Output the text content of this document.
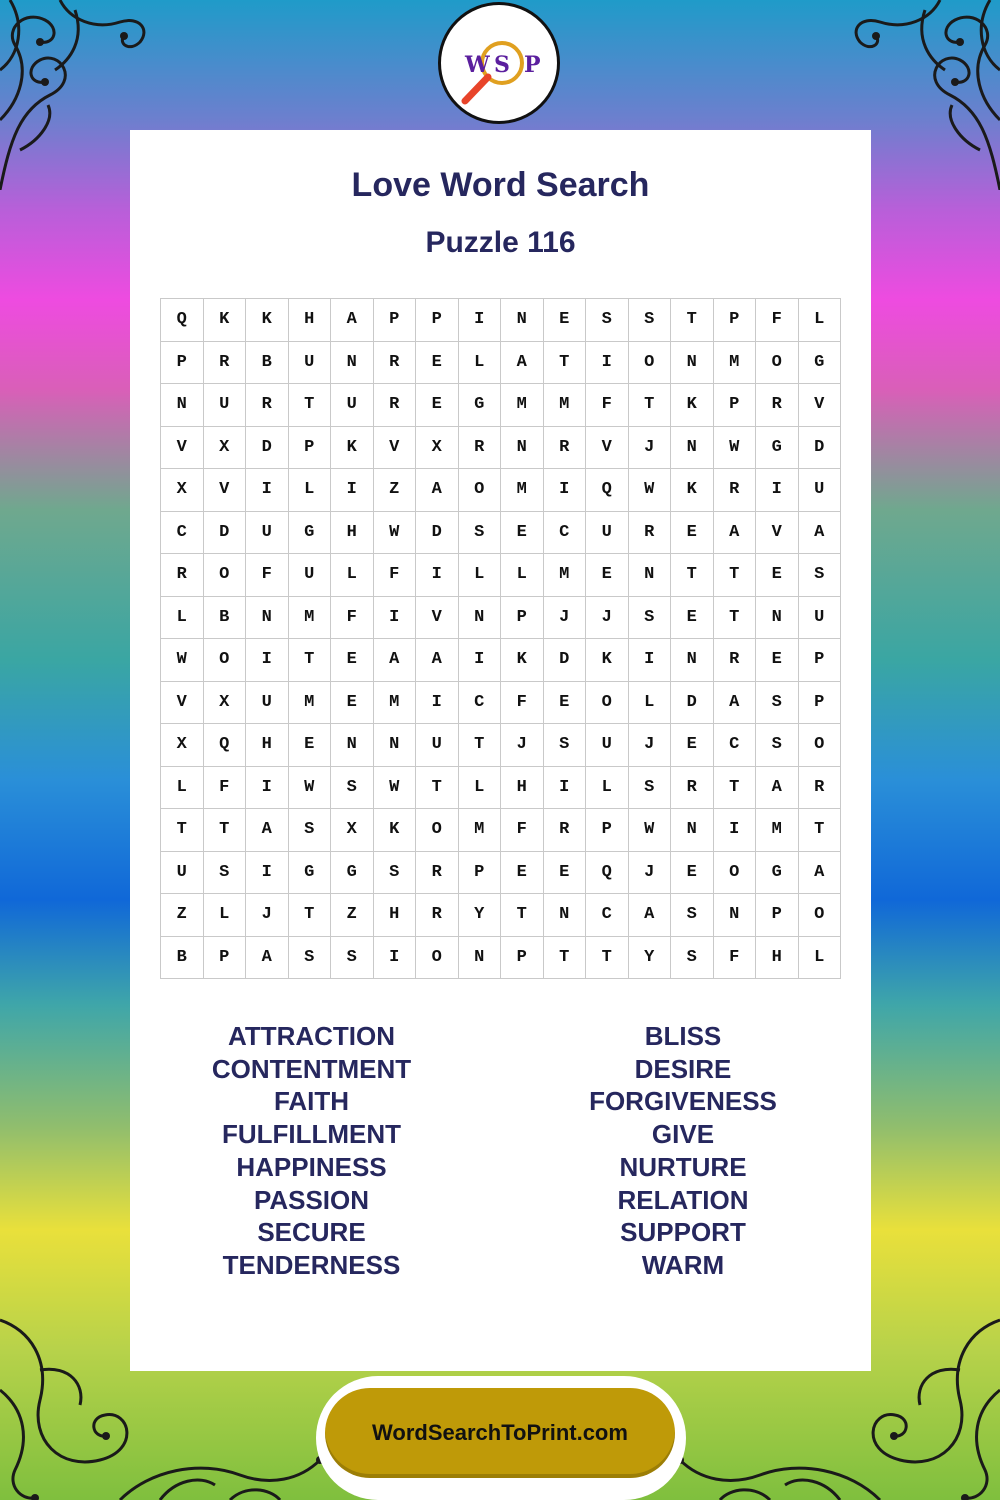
W S P
Love Word Search
Puzzle 116
Q	K	K	H	A	P	P	I	N	E	S	S	T	P	F	L
P	R	B	U	N	R	E	L	A	T	I	O	N	M	O	G
N	U	R	T	U	R	E	G	M	M	F	T	K	P	R	V
V	X	D	P	K	V	X	R	N	R	V	J	N	W	G	D
X	V	I	L	I	Z	A	O	M	I	Q	W	K	R	I	U
C	D	U	G	H	W	D	S	E	C	U	R	E	A	V	A
R	O	F	U	L	F	I	L	L	M	E	N	T	T	E	S
L	B	N	M	F	I	V	N	P	J	J	S	E	T	N	U
W	O	I	T	E	A	A	I	K	D	K	I	N	R	E	P
V	X	U	M	E	M	I	C	F	E	O	L	D	A	S	P
X	Q	H	E	N	N	U	T	J	S	U	J	E	C	S	O
L	F	I	W	S	W	T	L	H	I	L	S	R	T	A	R
T	T	A	S	X	K	O	M	F	R	P	W	N	I	M	T
U	S	I	G	G	S	R	P	E	E	Q	J	E	O	G	A
Z	L	J	T	Z	H	R	Y	T	N	C	A	S	N	P	O
B	P	A	S	S	I	O	N	P	T	T	Y	S	F	H	L
ATTRACTION
CONTENTMENT
FAITH
FULFILLMENT
HAPPINESS
PASSION
SECURE
TENDERNESS
BLISS
DESIRE
FORGIVENESS
GIVE
NURTURE
RELATION
SUPPORT
WARM
WordSearchToPrint.com
